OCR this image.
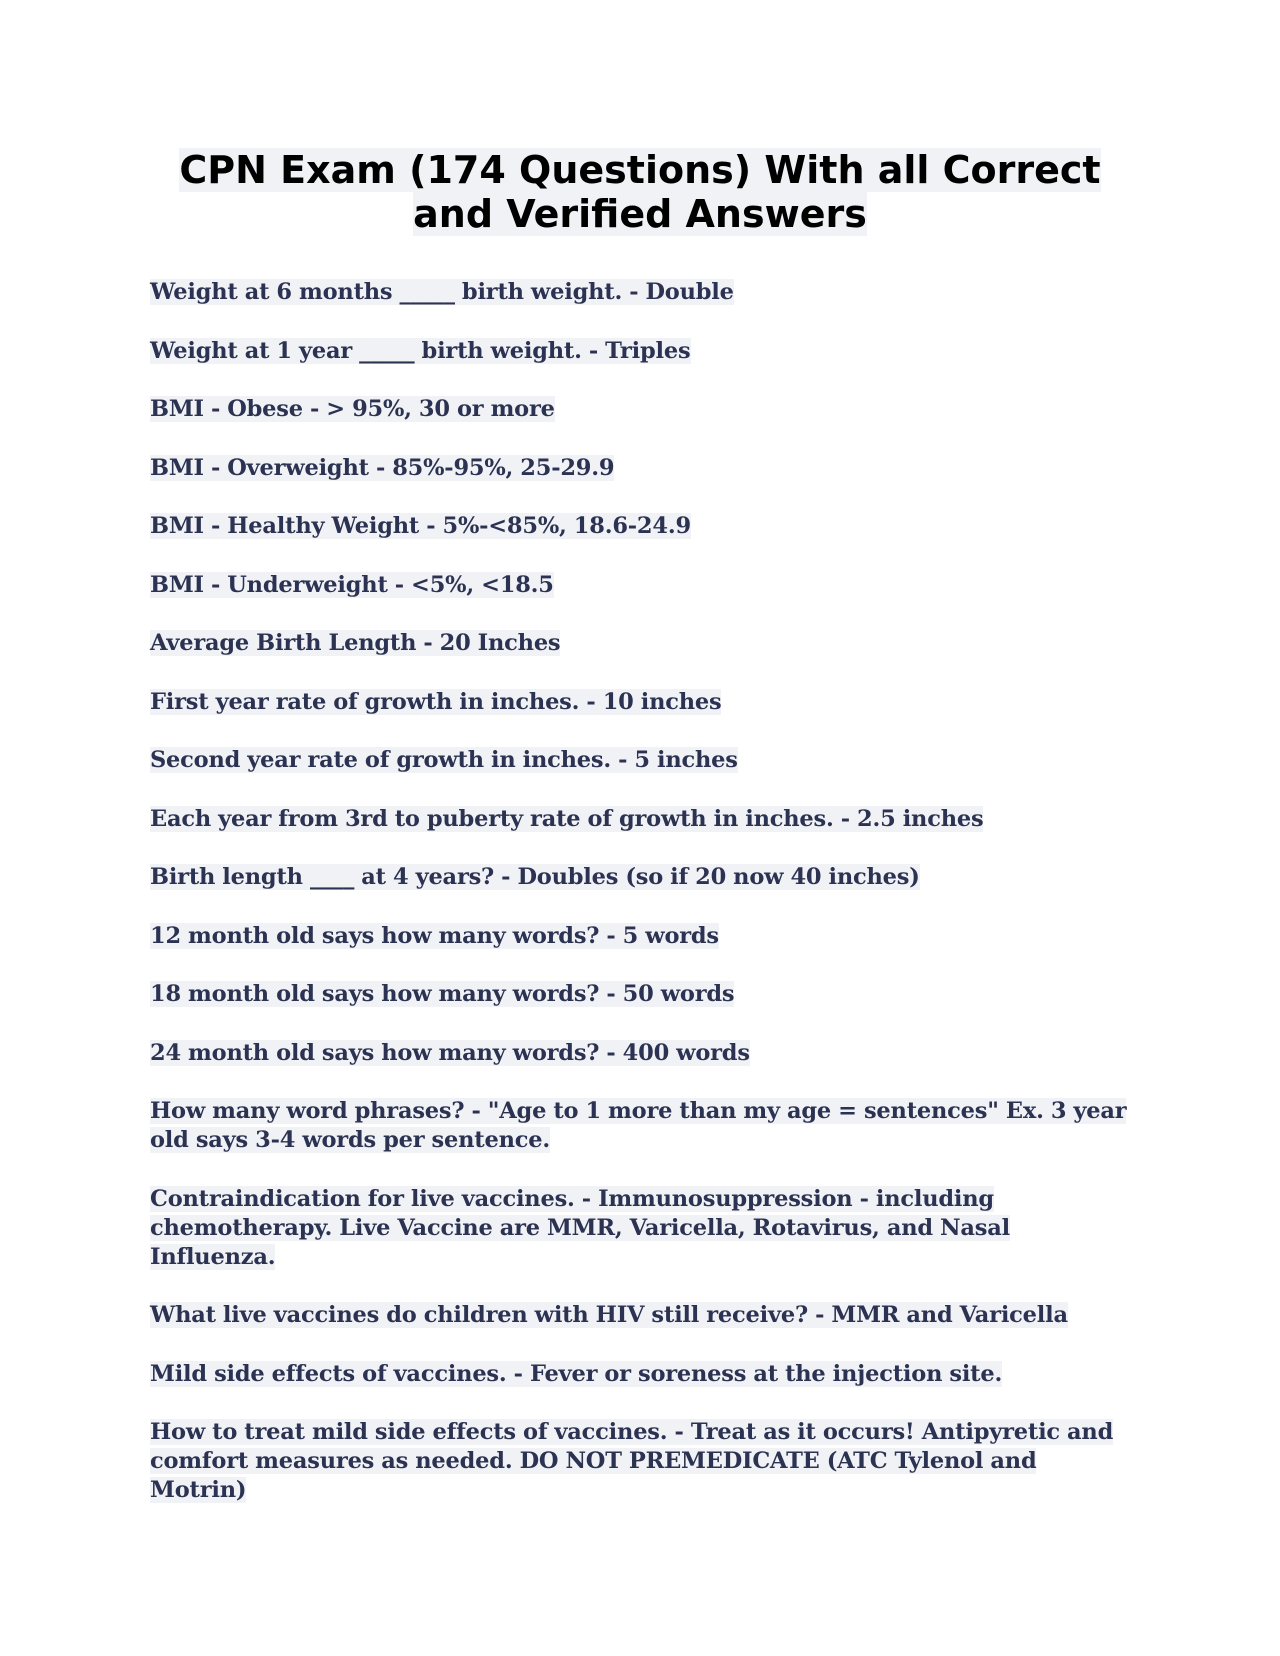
CPN Exam (174 Questions) With all Correct and Verified Answers

Weight at 6 months _____ birth weight. - Double

Weight at 1 year _____ birth weight. - Triples

BMI - Obese - > 95%, 30 or more

BMI - Overweight - 85%-95%, 25-29.9

BMI - Healthy Weight - 5%-<85%, 18.6-24.9

BMI - Underweight - <5%, <18.5

Average Birth Length - 20 Inches

First year rate of growth in inches. - 10 inches

Second year rate of growth in inches. - 5 inches

Each year from 3rd to puberty rate of growth in inches. - 2.5 inches

Birth length ____ at 4 years? - Doubles (so if 20 now 40 inches)

12 month old says how many words? - 5 words

18 month old says how many words? - 50 words

24 month old says how many words? - 400 words

How many word phrases? - "Age to 1 more than my age = sentences" Ex. 3 year old says 3-4 words per sentence.

Contraindication for live vaccines. - Immunosuppression - including chemotherapy. Live Vaccine are MMR, Varicella, Rotavirus, and Nasal Influenza.

What live vaccines do children with HIV still receive? - MMR and Varicella

Mild side effects of vaccines. - Fever or soreness at the injection site.

How to treat mild side effects of vaccines. - Treat as it occurs! Antipyretic and comfort measures as needed. DO NOT PREMEDICATE (ATC Tylenol and Motrin)
